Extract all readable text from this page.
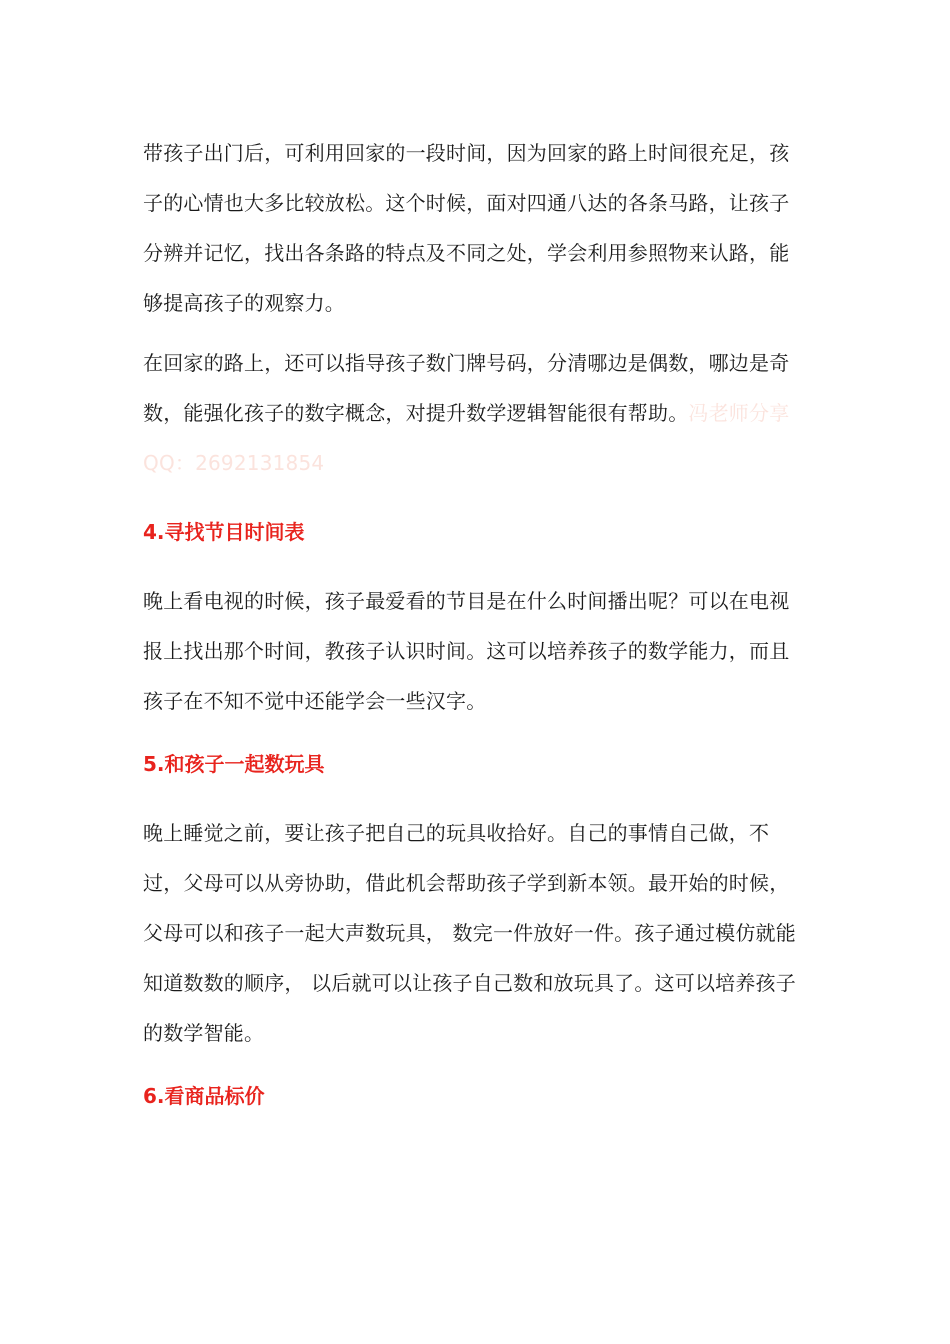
带孩子出门后，可利用回家的一段时间，因为回家的路上时间很充足，孩子的心情也大多比较放松。这个时候，面对四通八达的各条马路，让孩子分辨并记忆，找出各条路的特点及不同之处，学会利用参照物来认路，能够提高孩子的观察力。

在回家的路上，还可以指导孩子数门牌号码，分清哪边是偶数，哪边是奇数，能强化孩子的数字概念，对提升数学逻辑智能很有帮助。冯老师分享 QQ：2692131854

4.寻找节目时间表

晚上看电视的时候，孩子最爱看的节目是在什么时间播出呢？可以在电视报上找出那个时间，教孩子认识时间。这可以培养孩子的数学能力，而且孩子在不知不觉中还能学会一些汉字。

5.和孩子一起数玩具

晚上睡觉之前，要让孩子把自己的玩具收拾好。自己的事情自己做，不过，父母可以从旁协助，借此机会帮助孩子学到新本领。最开始的时候，父母可以和孩子一起大声数玩具， 数完一件放好一件。孩子通过模仿就能知道数数的顺序， 以后就可以让孩子自己数和放玩具了。这可以培养孩子的数学智能。

6.看商品标价
